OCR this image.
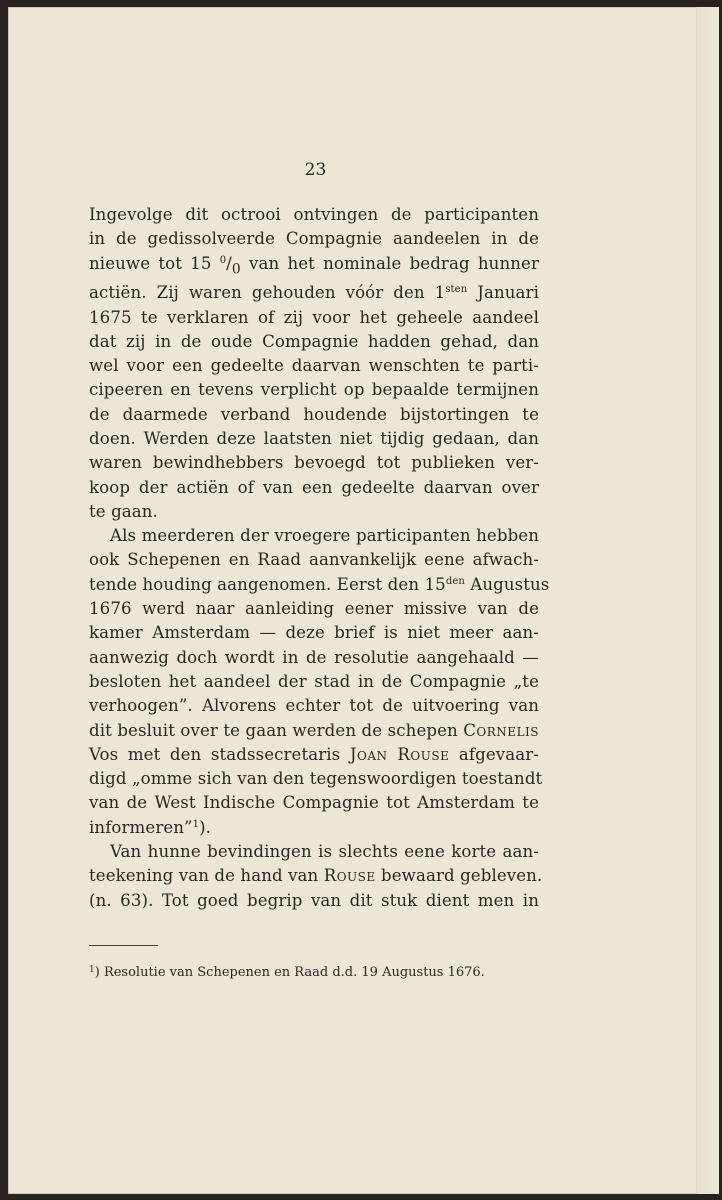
23
Ingevolge dit octrooi ontvingen de participanten
in de gedissolveerde Compagnie aandeelen in de
nieuwe tot 15 $^0/_0$ van het nominale bedrag hunner
actiën. Zij waren gehouden vóór den $1^{sten}$ Januari
1675 te verklaren of zij voor het geheele aandeel
dat zij in de oude Compagnie hadden gehad, dan
wel voor een gedeelte daarvan wenschten te parti-
cipeeren en tevens verplicht op bepaalde termijnen
de daarmede verband houdende bijstortingen te
doen. Werden deze laatsten niet tijdig gedaan, dan
waren bewindhebbers bevoegd tot publieken ver-
koop der actiën of van een gedeelte daarvan over
te gaan.
Als meerderen der vroegere participanten hebben
ook Schepenen en Raad aanvankelijk eene afwach-
tende houding aangenomen. Eerst den $15^{den}$ Augustus
1676 werd naar aanleiding eener missive van de
kamer Amsterdam — deze brief is niet meer aan-
aanwezig doch wordt in de resolutie aangehaald —
besloten het aandeel der stad in de Compagnie „te
verhoogen”. Alvorens echter tot de uitvoering van
dit besluit over te gaan werden de schepen Cornelis
Vos met den stadssecretaris Joan Rouse afgevaar-
digd „omme sich van den tegenswoordigen toestandt
van de West Indische Compagnie tot Amsterdam te
informeren”$^1$).
Van hunne bevindingen is slechts eene korte aan-
teekening van de hand van Rouse bewaard gebleven.
(n. 63). Tot goed begrip van dit stuk dient men in
$^1$) Resolutie van Schepenen en Raad d.d. 19 Augustus 1676.
